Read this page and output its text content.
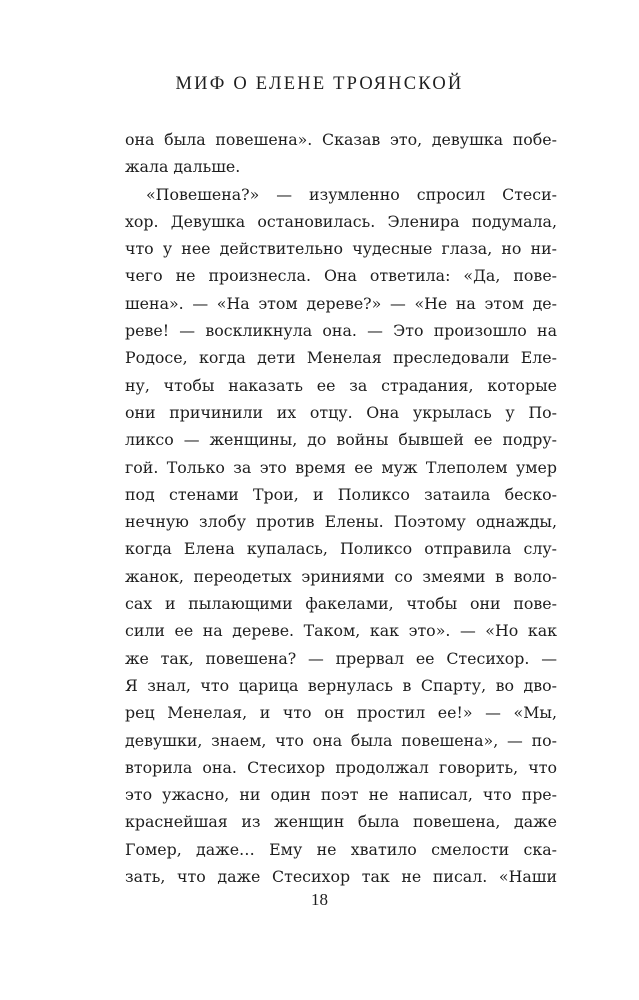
МИФ О ЕЛЕНЕ ТРОЯНСКОЙ
она была повешена». Сказав это, девушка побе-
жала дальше.
«Повешена?» — изумленно спросил Стеси-
хор. Девушка остановилась. Эленира подумала,
что у нее действительно чудесные глаза, но ни-
чего не произнесла. Она ответила: «Да, пове-
шена». — «На этом дереве?» — «Не на этом де-
реве! — воскликнула она. — Это произошло на
Родосе, когда дети Менелая преследовали Еле-
ну, чтобы наказать ее за страдания, которые
они причинили их отцу. Она укрылась у По-
ликсо — женщины, до войны бывшей ее подру-
гой. Только за это время ее муж Тлеполем умер
под стенами Трои, и Поликсо затаила беско-
нечную злобу против Елены. Поэтому однажды,
когда Елена купалась, Поликсо отправила слу-
жанок, переодетых эриниями со змеями в воло-
сах и пылающими факелами, чтобы они пове-
сили ее на дереве. Таком, как это». — «Но как
же так, повешена? — прервал ее Стесихор. —
Я знал, что царица вернулась в Спарту, во дво-
рец Менелая, и что он простил ее!» — «Мы,
девушки, знаем, что она была повешена», — по-
вторила она. Стесихор продолжал говорить, что
это ужасно, ни один поэт не написал, что пре-
краснейшая из женщин была повешена, даже
Гомер, даже… Ему не хватило смелости ска-
зать, что даже Стесихор так не писал. «Наши
18
